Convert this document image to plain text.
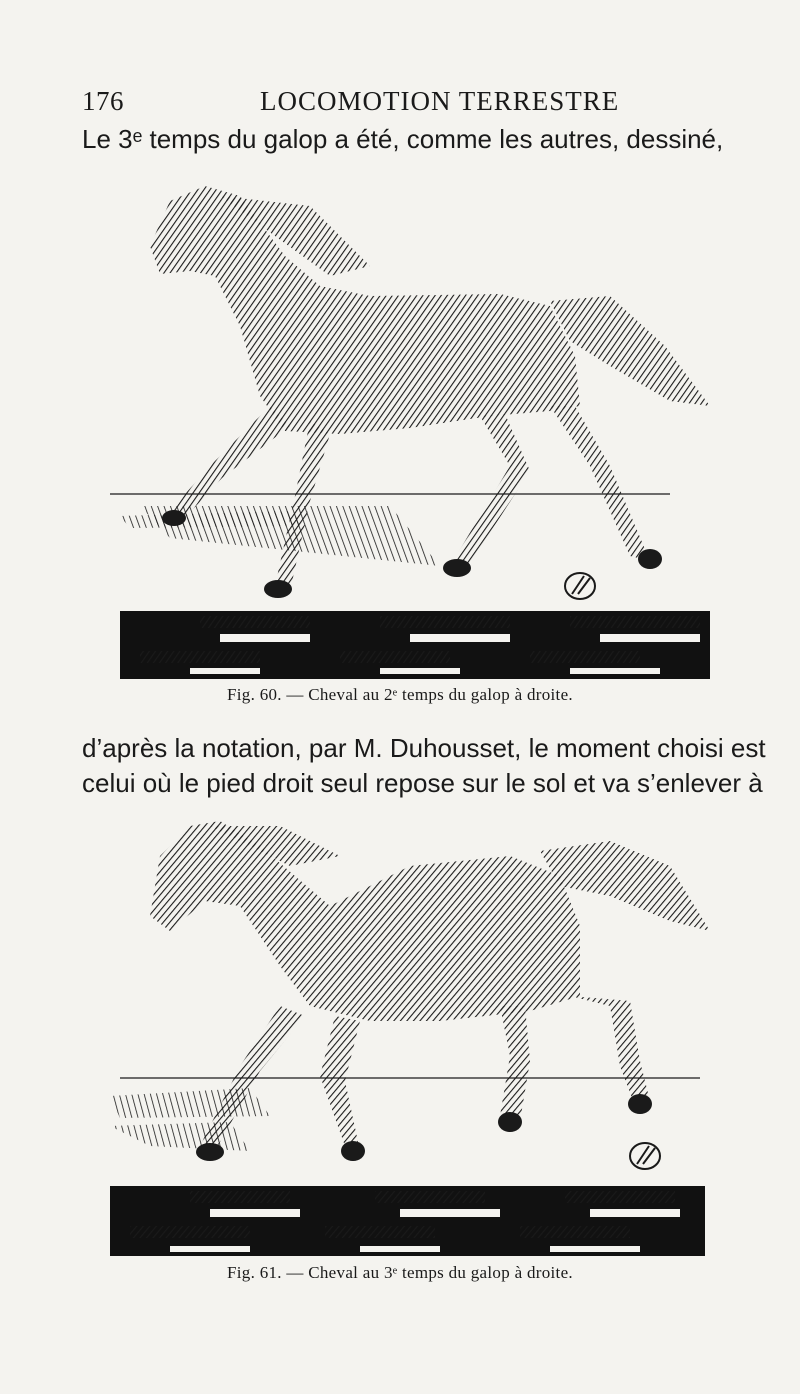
176	LOCOMOTION TERRESTRE
Le 3ᵉ temps du galop a été, comme les autres, dessiné,
Fig. 60. — Cheval au 2ᵉ temps du galop à droite.
d’après la notation, par M. Duhousset, le moment choisi est
celui où le pied droit seul repose sur le sol et va s’enlever à
Fig. 61. — Cheval au 3ᵉ temps du galop à droite.
